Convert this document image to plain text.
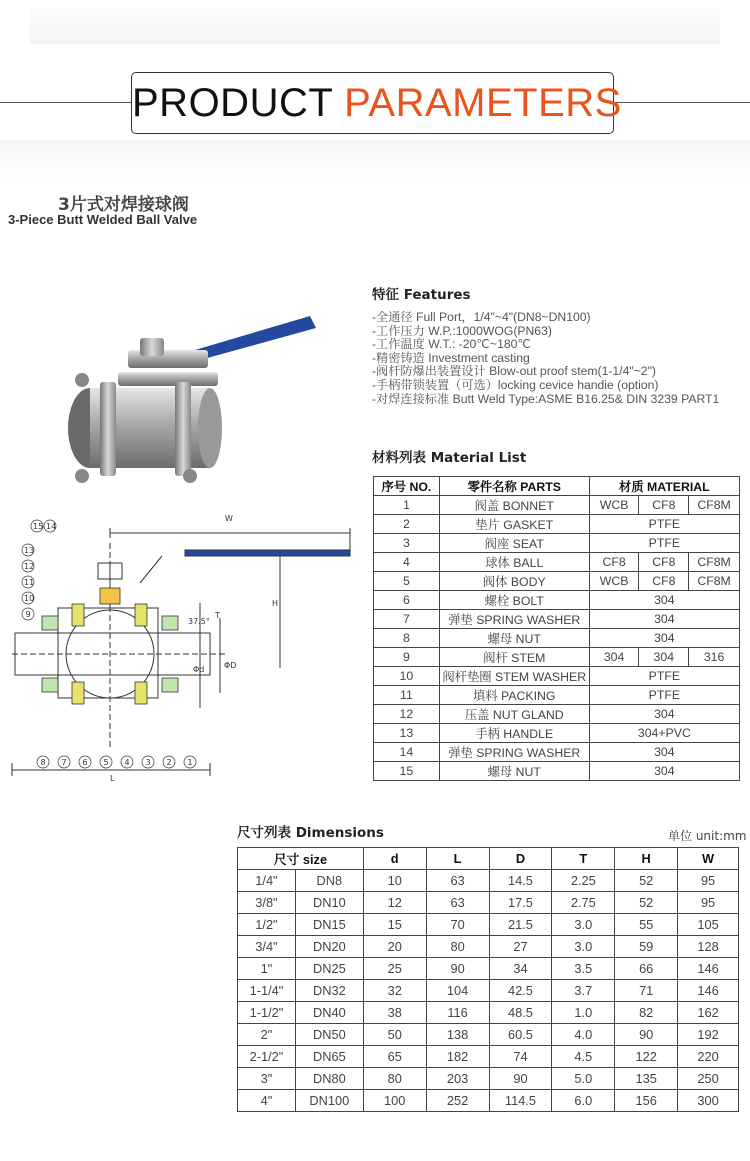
PRODUCT PARAMETERS
3片式对焊接球阀
3-Piece Butt Welded Ball Valve
15 14
13
12
11
10
9
8 7 6 5 4 3 2 1
W
H
T
37.5°
Φd ΦD
L
特征 Features
-全通径 Full Port，1/4"~4"(DN8~DN100)
-工作压力 W.P.:1000WOG(PN63)
-工作温度 W.T.: -20℃~180℃
-精密铸造 Investment casting
-阀杆防爆出装置设计 Blow-out proof stem(1-1/4"~2")
-手柄带锁装置（可选）locking cevice handie (option)
-对焊连接标准 Butt Weld Type:ASME B16.25& DIN 3239 PART1
材料列表 Material List
序号 NO.	零件名称 PARTS	材质 MATERIAL		
1	阀盖 BONNET	WCB	CF8	CF8M
2	垫片 GASKET	PTFE		
3	阀座 SEAT	PTFE		
4	球体 BALL	CF8	CF8	CF8M
5	阀体 BODY	WCB	CF8	CF8M
6	螺栓 BOLT	304		
7	弹垫 SPRING WASHER	304		
8	螺母 NUT	304		
9	阀杆 STEM	304	304	316
10	阀杆垫圈 STEM WASHER	PTFE		
11	填料 PACKING	PTFE		
12	压盖 NUT GLAND	304		
13	手柄 HANDLE	304+PVC		
14	弹垫 SPRING WASHER	304		
15	螺母 NUT	304		
尺寸列表 Dimensions	单位 unit:mm
尺寸 size		d	L	D	T	H	W
1/4"	DN8	10	63	14.5	2.25	52	95
3/8"	DN10	12	63	17.5	2.75	52	95
1/2"	DN15	15	70	21.5	3.0	55	105
3/4"	DN20	20	80	27	3.0	59	128
1"	DN25	25	90	34	3.5	66	146
1-1/4"	DN32	32	104	42.5	3.7	71	146
1-1/2"	DN40	38	116	48.5	1.0	82	162
2"	DN50	50	138	60.5	4.0	90	192
2-1/2"	DN65	65	182	74	4.5	122	220
3"	DN80	80	203	90	5.0	135	250
4"	DN100	100	252	114.5	6.0	156	300
